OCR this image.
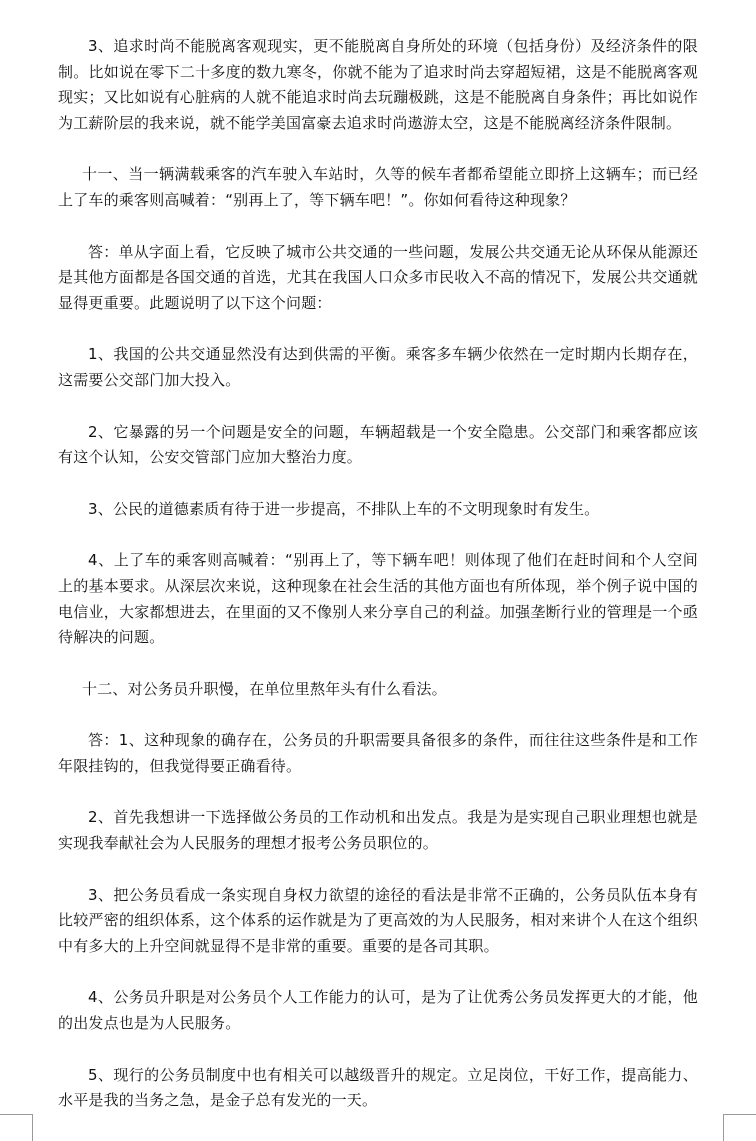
3、追求时尚不能脱离客观现实，更不能脱离自身所处的环境（包括身份）及经济条件的限制。比如说在零下二十多度的数九寒冬，你就不能为了追求时尚去穿超短裙，这是不能脱离客观现实；又比如说有心脏病的人就不能追求时尚去玩蹦极跳，这是不能脱离自身条件；再比如说作为工薪阶层的我来说，就不能学美国富豪去追求时尚遨游太空，这是不能脱离经济条件限制。

十一、当一辆满载乘客的汽车驶入车站时，久等的候车者都希望能立即挤上这辆车；而已经上了车的乘客则高喊着：“别再上了，等下辆车吧！”。你如何看待这种现象？

答：单从字面上看，它反映了城市公共交通的一些问题，发展公共交通无论从环保从能源还是其他方面都是各国交通的首选，尤其在我国人口众多市民收入不高的情况下，发展公共交通就显得更重要。此题说明了以下这个问题：

1、我国的公共交通显然没有达到供需的平衡。乘客多车辆少依然在一定时期内长期存在，这需要公交部门加大投入。

2、它暴露的另一个问题是安全的问题，车辆超载是一个安全隐患。公交部门和乘客都应该有这个认知，公安交管部门应加大整治力度。

3、公民的道德素质有待于进一步提高，不排队上车的不文明现象时有发生。

4、上了车的乘客则高喊着：“别再上了，等下辆车吧！则体现了他们在赶时间和个人空间上的基本要求。从深层次来说，这种现象在社会生活的其他方面也有所体现，举个例子说中国的电信业，大家都想进去，在里面的又不像别人来分享自己的利益。加强垄断行业的管理是一个亟待解决的问题。

十二、对公务员升职慢，在单位里熬年头有什么看法。

答：1、这种现象的确存在，公务员的升职需要具备很多的条件，而往往这些条件是和工作年限挂钩的，但我觉得要正确看待。

2、首先我想讲一下选择做公务员的工作动机和出发点。我是为是实现自己职业理想也就是实现我奉献社会为人民服务的理想才报考公务员职位的。

3、把公务员看成一条实现自身权力欲望的途径的看法是非常不正确的，公务员队伍本身有比较严密的组织体系，这个体系的运作就是为了更高效的为人民服务，相对来讲个人在这个组织中有多大的上升空间就显得不是非常的重要。重要的是各司其职。

4、公务员升职是对公务员个人工作能力的认可，是为了让优秀公务员发挥更大的才能，他的出发点也是为人民服务。

5、现行的公务员制度中也有相关可以越级晋升的规定。立足岗位，干好工作，提高能力、水平是我的当务之急，是金子总有发光的一天。
